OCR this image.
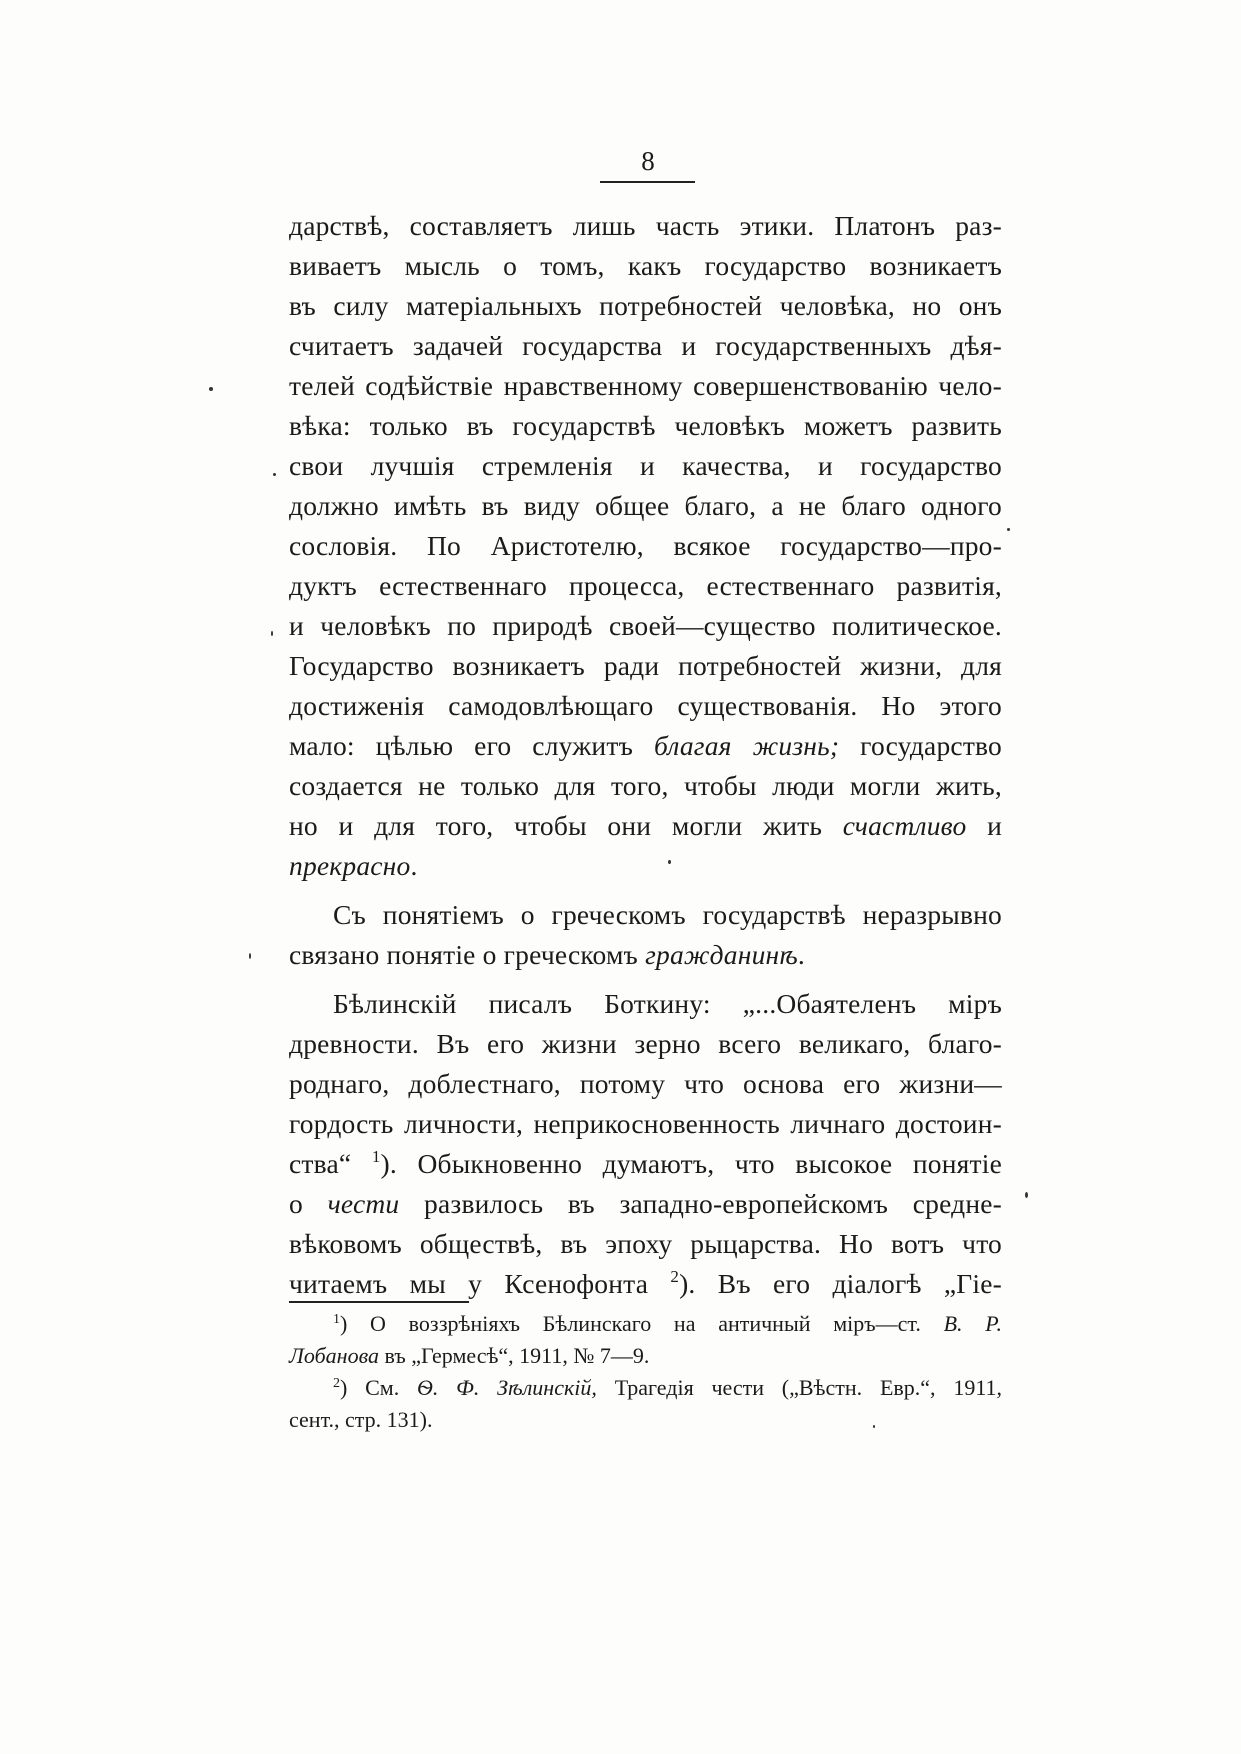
8
дарствѣ, составляетъ лишь часть этики. Платонъ раз-
виваетъ мысль о томъ, какъ государство возникаетъ
въ силу матеріальныхъ потребностей человѣка, но онъ
считаетъ задачей государства и государственныхъ дѣя-
телей содѣйствіе нравственному совершенствованію чело-
вѣка: только въ государствѣ человѣкъ можетъ развить
свои лучшія стремленія и качества, и государство
должно имѣть въ виду общее благо, а не благо одного
сословія. По Аристотелю, всякое государство—про-
дуктъ естественнаго процесса, естественнаго развитія,
и человѣкъ по природѣ своей—существо политическое.
Государство возникаетъ ради потребностей жизни, для
достиженія самодовлѣющаго существованія. Но этого
мало: цѣлью его служитъ благая жизнь; государство
создается не только для того, чтобы люди могли жить,
но и для того, чтобы они могли жить счастливо и
прекрасно.
Съ понятіемъ о греческомъ государствѣ неразрывно
связано понятіе о греческомъ гражданинѣ.
Бѣлинскій писалъ Боткину: „...Обаятеленъ міръ
древности. Въ его жизни зерно всего великаго, благо-
роднаго, доблестнаго, потому что основа его жизни—
гордость личности, неприкосновенность личнаго достоин-
ства“ $^1$). Обыкновенно думаютъ, что высокое понятіе
о чести развилось въ западно-европейскомъ средне-
вѣковомъ обществѣ, въ эпоху рыцарства. Но вотъ что
читаемъ мы у Ксенофонта $^2$). Въ его діалогѣ „Гіе-
$^1$) О воззрѣніяхъ Бѣлинскаго на античный міръ—ст. В. Р.
Лобанова въ „Гермесѣ“, 1911, № 7—9.
$^2$) См. Ѳ. Ф. Зѣлинскій, Трагедія чести („Вѣстн. Евр.“, 1911,
сент., стр. 131).
